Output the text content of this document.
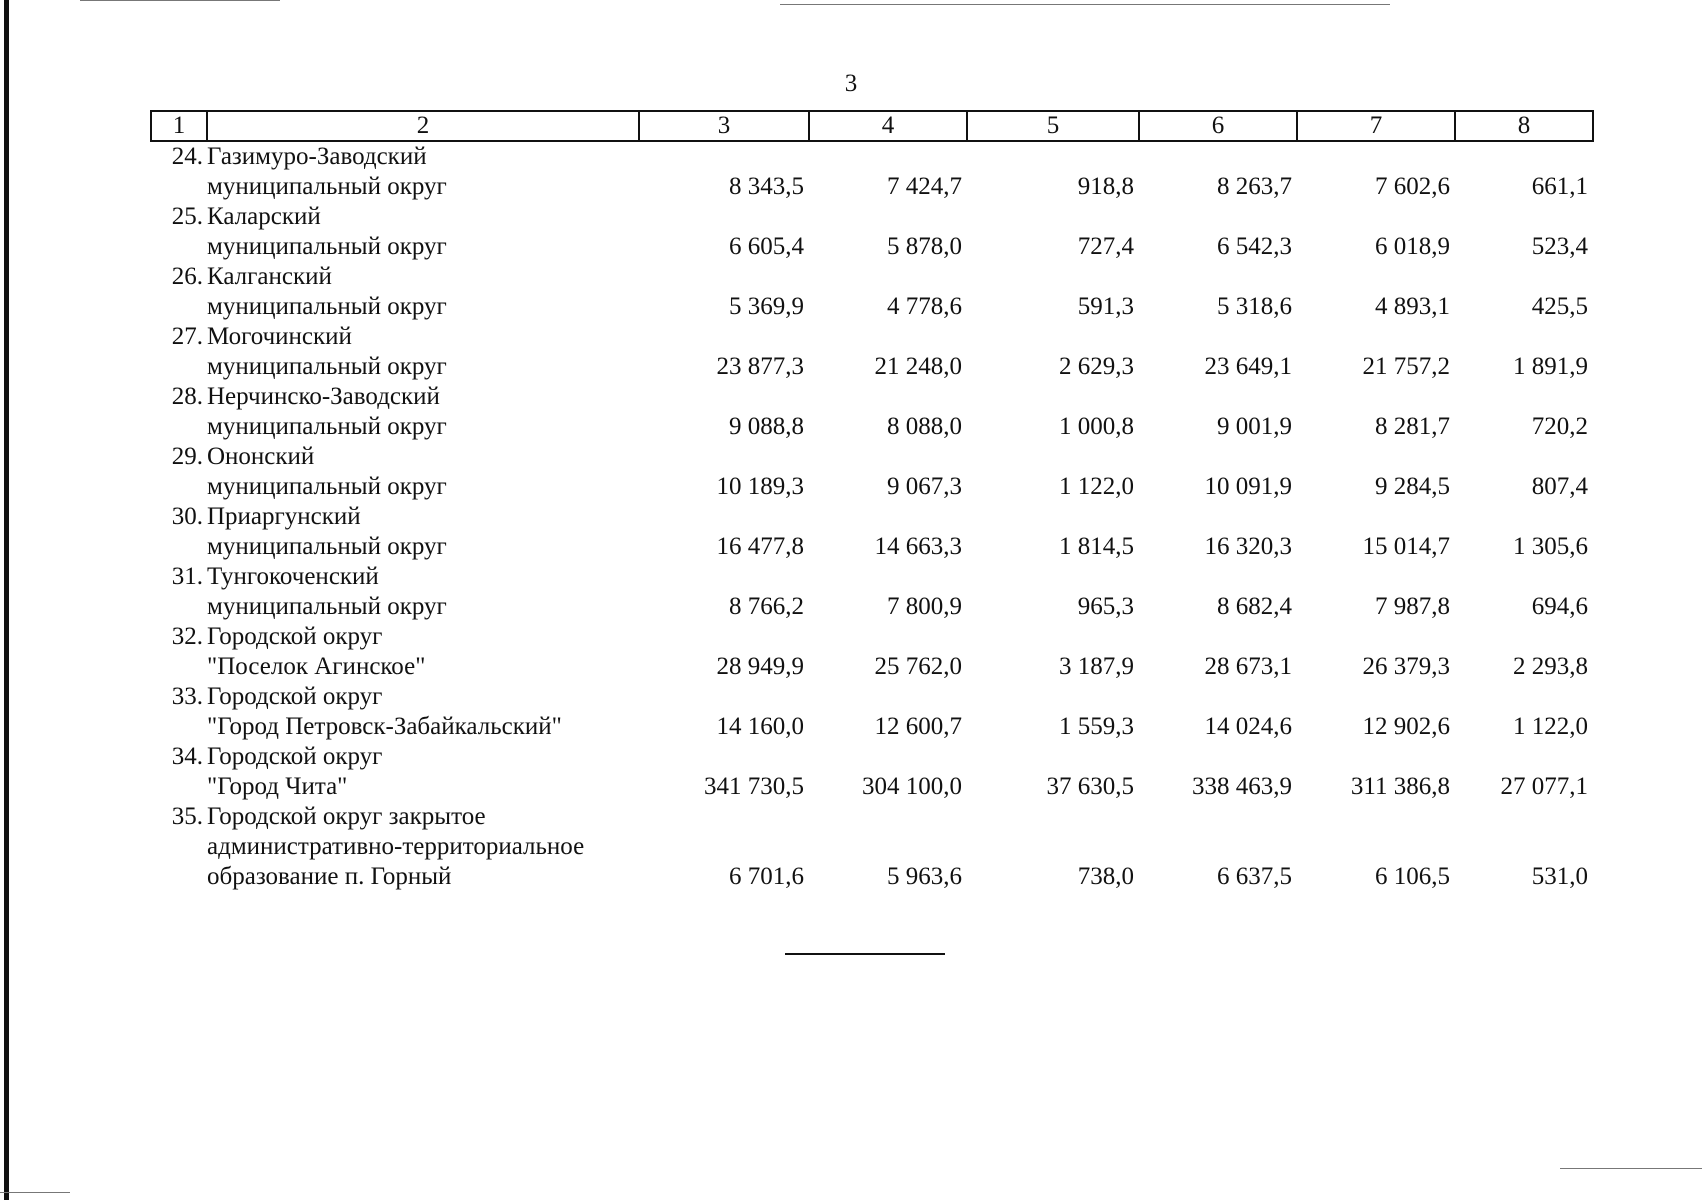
3
1	2	3	4	5	6	7	8
24.	Газимуро-Заводский
муниципальный округ	8 343,5	7 424,7	918,8	8 263,7	7 602,6	661,1
25.	Каларский
муниципальный округ	6 605,4	5 878,0	727,4	6 542,3	6 018,9	523,4
26.	Калганский
муниципальный округ	5 369,9	4 778,6	591,3	5 318,6	4 893,1	425,5
27.	Могочинский
муниципальный округ	23 877,3	21 248,0	2 629,3	23 649,1	21 757,2	1 891,9
28.	Нерчинско-Заводский
муниципальный округ	9 088,8	8 088,0	1 000,8	9 001,9	8 281,7	720,2
29.	Ононский
муниципальный округ	10 189,3	9 067,3	1 122,0	10 091,9	9 284,5	807,4
30.	Приаргунский
муниципальный округ	16 477,8	14 663,3	1 814,5	16 320,3	15 014,7	1 305,6
31.	Тунгокоченский
муниципальный округ	8 766,2	7 800,9	965,3	8 682,4	7 987,8	694,6
32.	Городской округ
"Поселок Агинское"	28 949,9	25 762,0	3 187,9	28 673,1	26 379,3	2 293,8
33.	Городской округ
"Город Петровск-Забайкальский"	14 160,0	12 600,7	1 559,3	14 024,6	12 902,6	1 122,0
34.	Городской округ
"Город Чита"	341 730,5	304 100,0	37 630,5	338 463,9	311 386,8	27 077,1
35.	Городской округ закрытое
административно-территориальное
образование п. Горный	6 701,6	5 963,6	738,0	6 637,5	6 106,5	531,0
